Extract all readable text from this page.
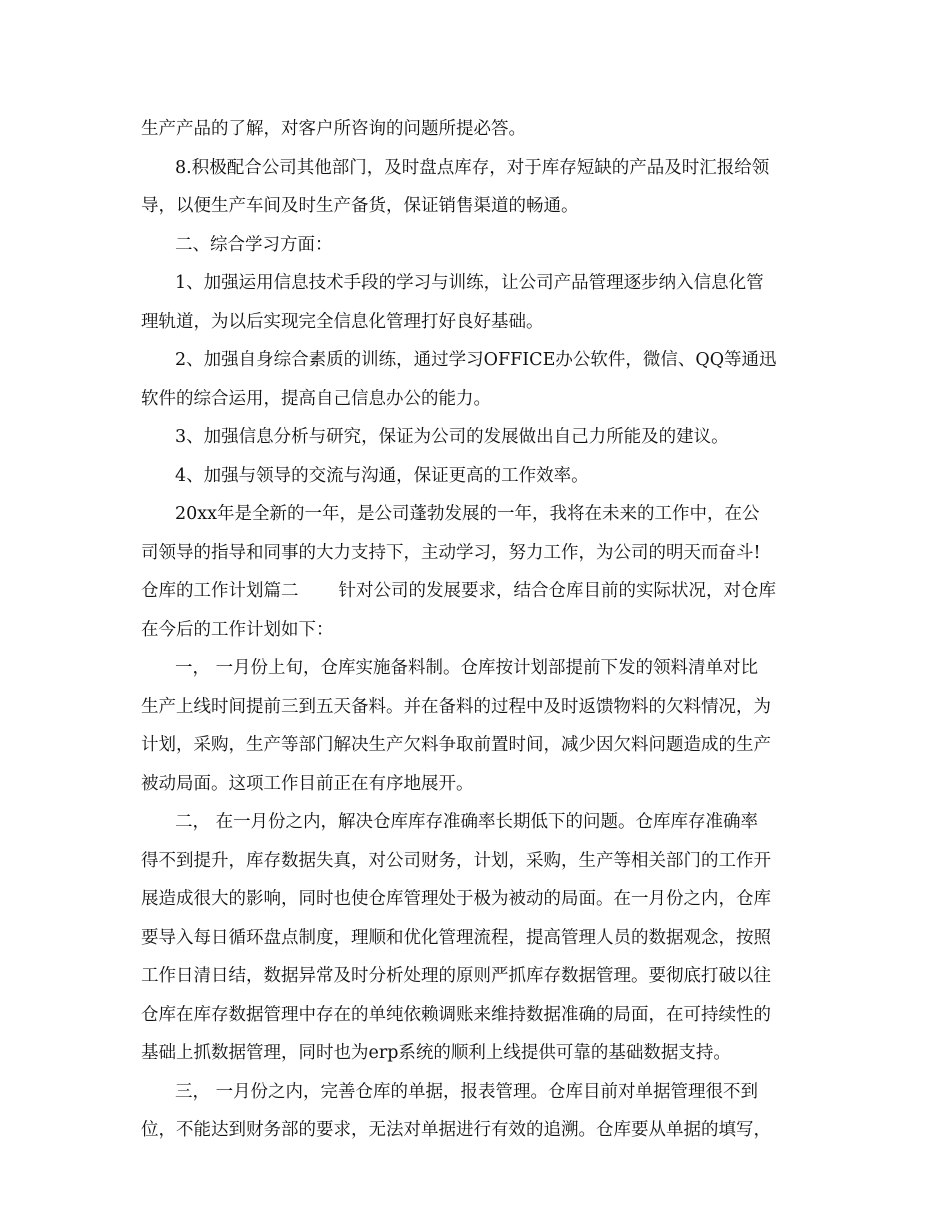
生产产品的了解，对客户所咨询的问题所提必答。
8.积极配合公司其他部门，及时盘点库存，对于库存短缺的产品及时汇报给领
导，以便生产车间及时生产备货，保证销售渠道的畅通。
二、综合学习方面：
1、加强运用信息技术手段的学习与训练，让公司产品管理逐步纳入信息化管
理轨道，为以后实现完全信息化管理打好良好基础。
2、加强自身综合素质的训练，通过学习OFFICE办公软件，微信、QQ等通迅
软件的综合运用，提高自己信息办公的能力。
3、加强信息分析与研究，保证为公司的发展做出自己力所能及的建议。
4、加强与领导的交流与沟通，保证更高的工作效率。
20xx年是全新的一年，是公司蓬勃发展的一年，我将在未来的工作中，在公
司领导的指导和同事的大力支持下，主动学习，努力工作，为公司的明天而奋斗!
仓库的工作计划篇二 针对公司的发展要求，结合仓库目前的实际状况，对仓库
在今后的工作计划如下：
一， 一月份上旬，仓库实施备料制。仓库按计划部提前下发的领料清单对比
生产上线时间提前三到五天备料。并在备料的过程中及时返馈物料的欠料情况，为
计划，采购，生产等部门解决生产欠料争取前置时间，减少因欠料问题造成的生产
被动局面。这项工作目前正在有序地展开。
二， 在一月份之内，解决仓库库存准确率长期低下的问题。仓库库存准确率
得不到提升，库存数据失真，对公司财务，计划，采购，生产等相关部门的工作开
展造成很大的影响，同时也使仓库管理处于极为被动的局面。在一月份之内，仓库
要导入每日循环盘点制度，理顺和优化管理流程，提高管理人员的数据观念，按照
工作日清日结，数据异常及时分析处理的原则严抓库存数据管理。要彻底打破以往
仓库在库存数据管理中存在的单纯依赖调账来维持数据准确的局面，在可持续性的
基础上抓数据管理，同时也为erp系统的顺利上线提供可靠的基础数据支持。
三， 一月份之内，完善仓库的单据，报表管理。仓库目前对单据管理很不到
位，不能达到财务部的要求，无法对单据进行有效的追溯。仓库要从单据的填写，
